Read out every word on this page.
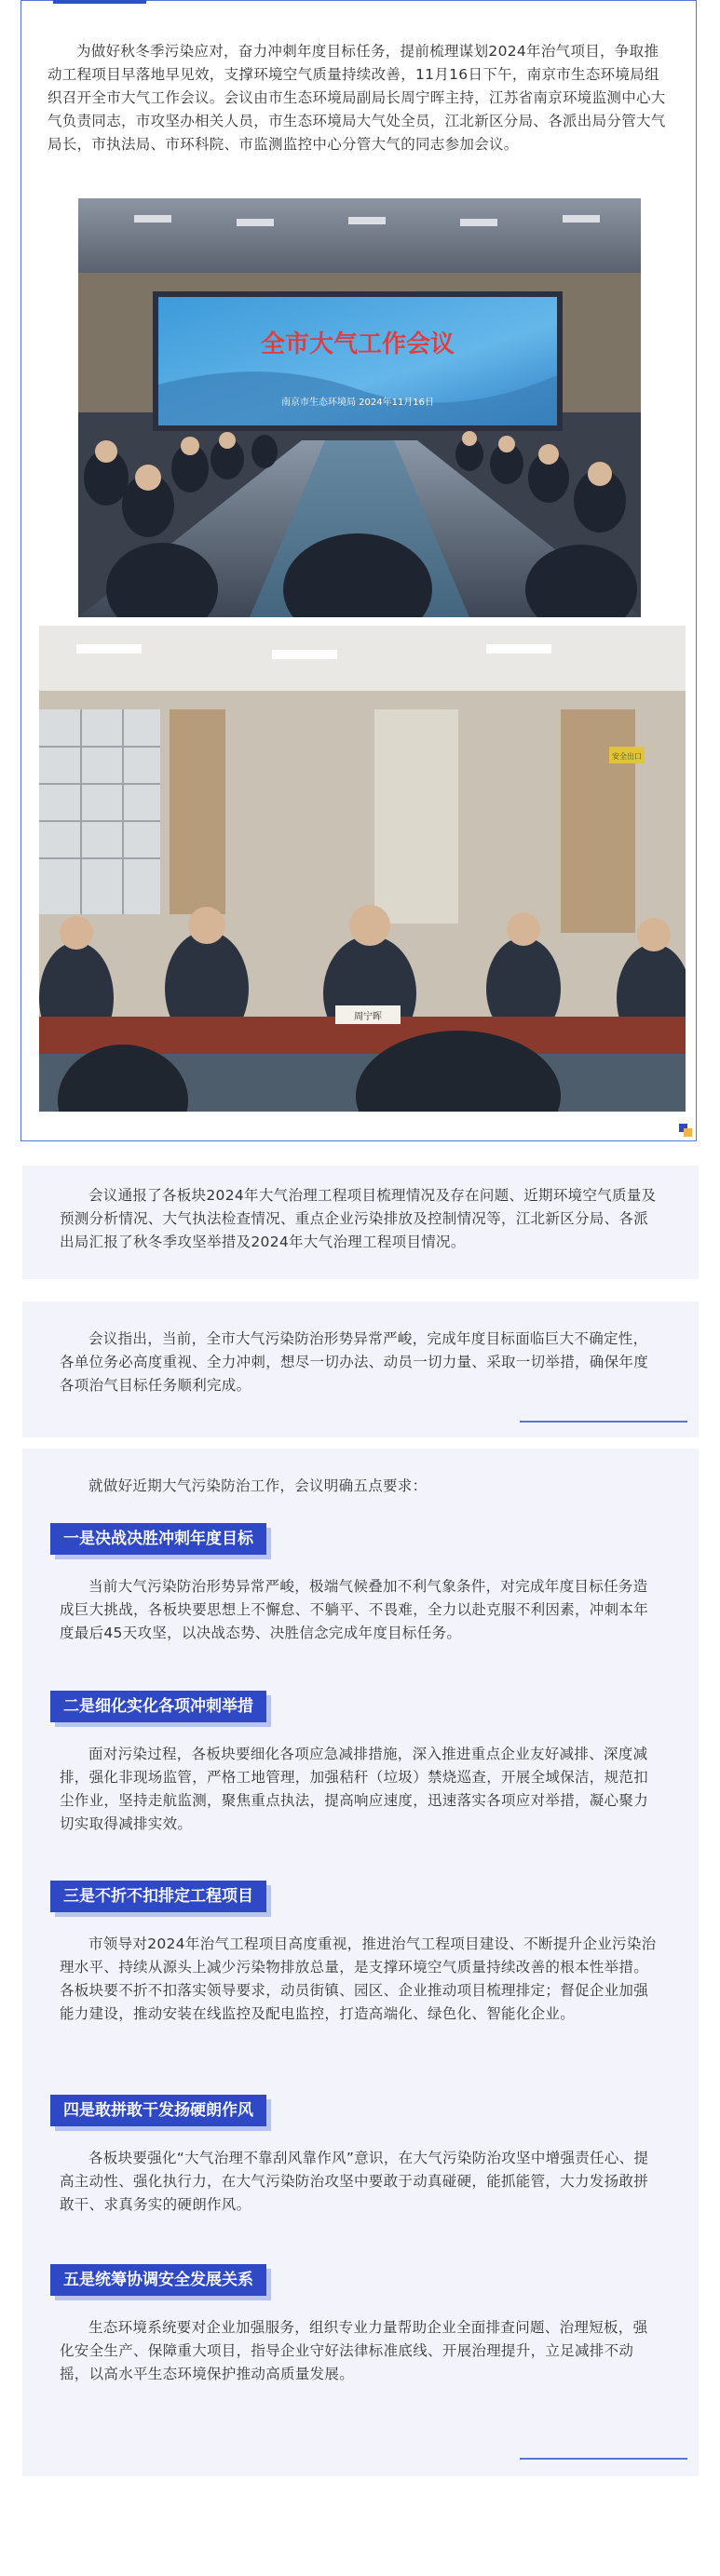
为做好秋冬季污染应对，奋力冲刺年度目标任务，提前梳理谋划2024年治气项目，争取推动工程项目早落地早见效，支撑环境空气质量持续改善，11月16日下午，南京市生态环境局组织召开全市大气工作会议。会议由市生态环境局副局长周宁晖主持，江苏省南京环境监测中心大气负责同志，市攻坚办相关人员，市生态环境局大气处全员，江北新区分局、各派出局分管大气局长，市执法局、市环科院、市监测监控中心分管大气的同志参加会议。

全市大气工作会议
南京市生态环境局 2024年11月16日
安全出口
周宁晖

会议通报了各板块2024年大气治理工程项目梳理情况及存在问题、近期环境空气质量及预测分析情况、大气执法检查情况、重点企业污染排放及控制情况等，江北新区分局、各派出局汇报了秋冬季攻坚举措及2024年大气治理工程项目情况。

会议指出，当前，全市大气污染防治形势异常严峻，完成年度目标面临巨大不确定性，各单位务必高度重视、全力冲刺，想尽一切办法、动员一切力量、采取一切举措，确保年度各项治气目标任务顺利完成。

就做好近期大气污染防治工作，会议明确五点要求：

一是决战决胜冲刺年度目标

当前大气污染防治形势异常严峻，极端气候叠加不利气象条件，对完成年度目标任务造成巨大挑战，各板块要思想上不懈怠、不躺平、不畏难，全力以赴克服不利因素，冲刺本年度最后45天攻坚，以决战态势、决胜信念完成年度目标任务。

二是细化实化各项冲刺举措

面对污染过程，各板块要细化各项应急减排措施，深入推进重点企业友好减排、深度减排，强化非现场监管，严格工地管理，加强秸秆（垃圾）禁烧巡查，开展全域保洁，规范扣尘作业，坚持走航监测，聚焦重点执法，提高响应速度，迅速落实各项应对举措，凝心聚力切实取得减排实效。

三是不折不扣排定工程项目

市领导对2024年治气工程项目高度重视，推进治气工程项目建设、不断提升企业污染治理水平、持续从源头上减少污染物排放总量，是支撑环境空气质量持续改善的根本性举措。各板块要不折不扣落实领导要求，动员街镇、园区、企业推动项目梳理排定；督促企业加强能力建设，推动安装在线监控及配电监控，打造高端化、绿色化、智能化企业。

四是敢拼敢干发扬硬朗作风

各板块要强化“大气治理不靠刮风靠作风”意识，在大气污染防治攻坚中增强责任心、提高主动性、强化执行力，在大气污染防治攻坚中要敢于动真碰硬，能抓能管，大力发扬敢拼敢干、求真务实的硬朗作风。

五是统筹协调安全发展关系

生态环境系统要对企业加强服务，组织专业力量帮助企业全面排查问题、治理短板，强化安全生产、保障重大项目，指导企业守好法律标准底线、开展治理提升，立足减排不动摇，以高水平生态环境保护推动高质量发展。
